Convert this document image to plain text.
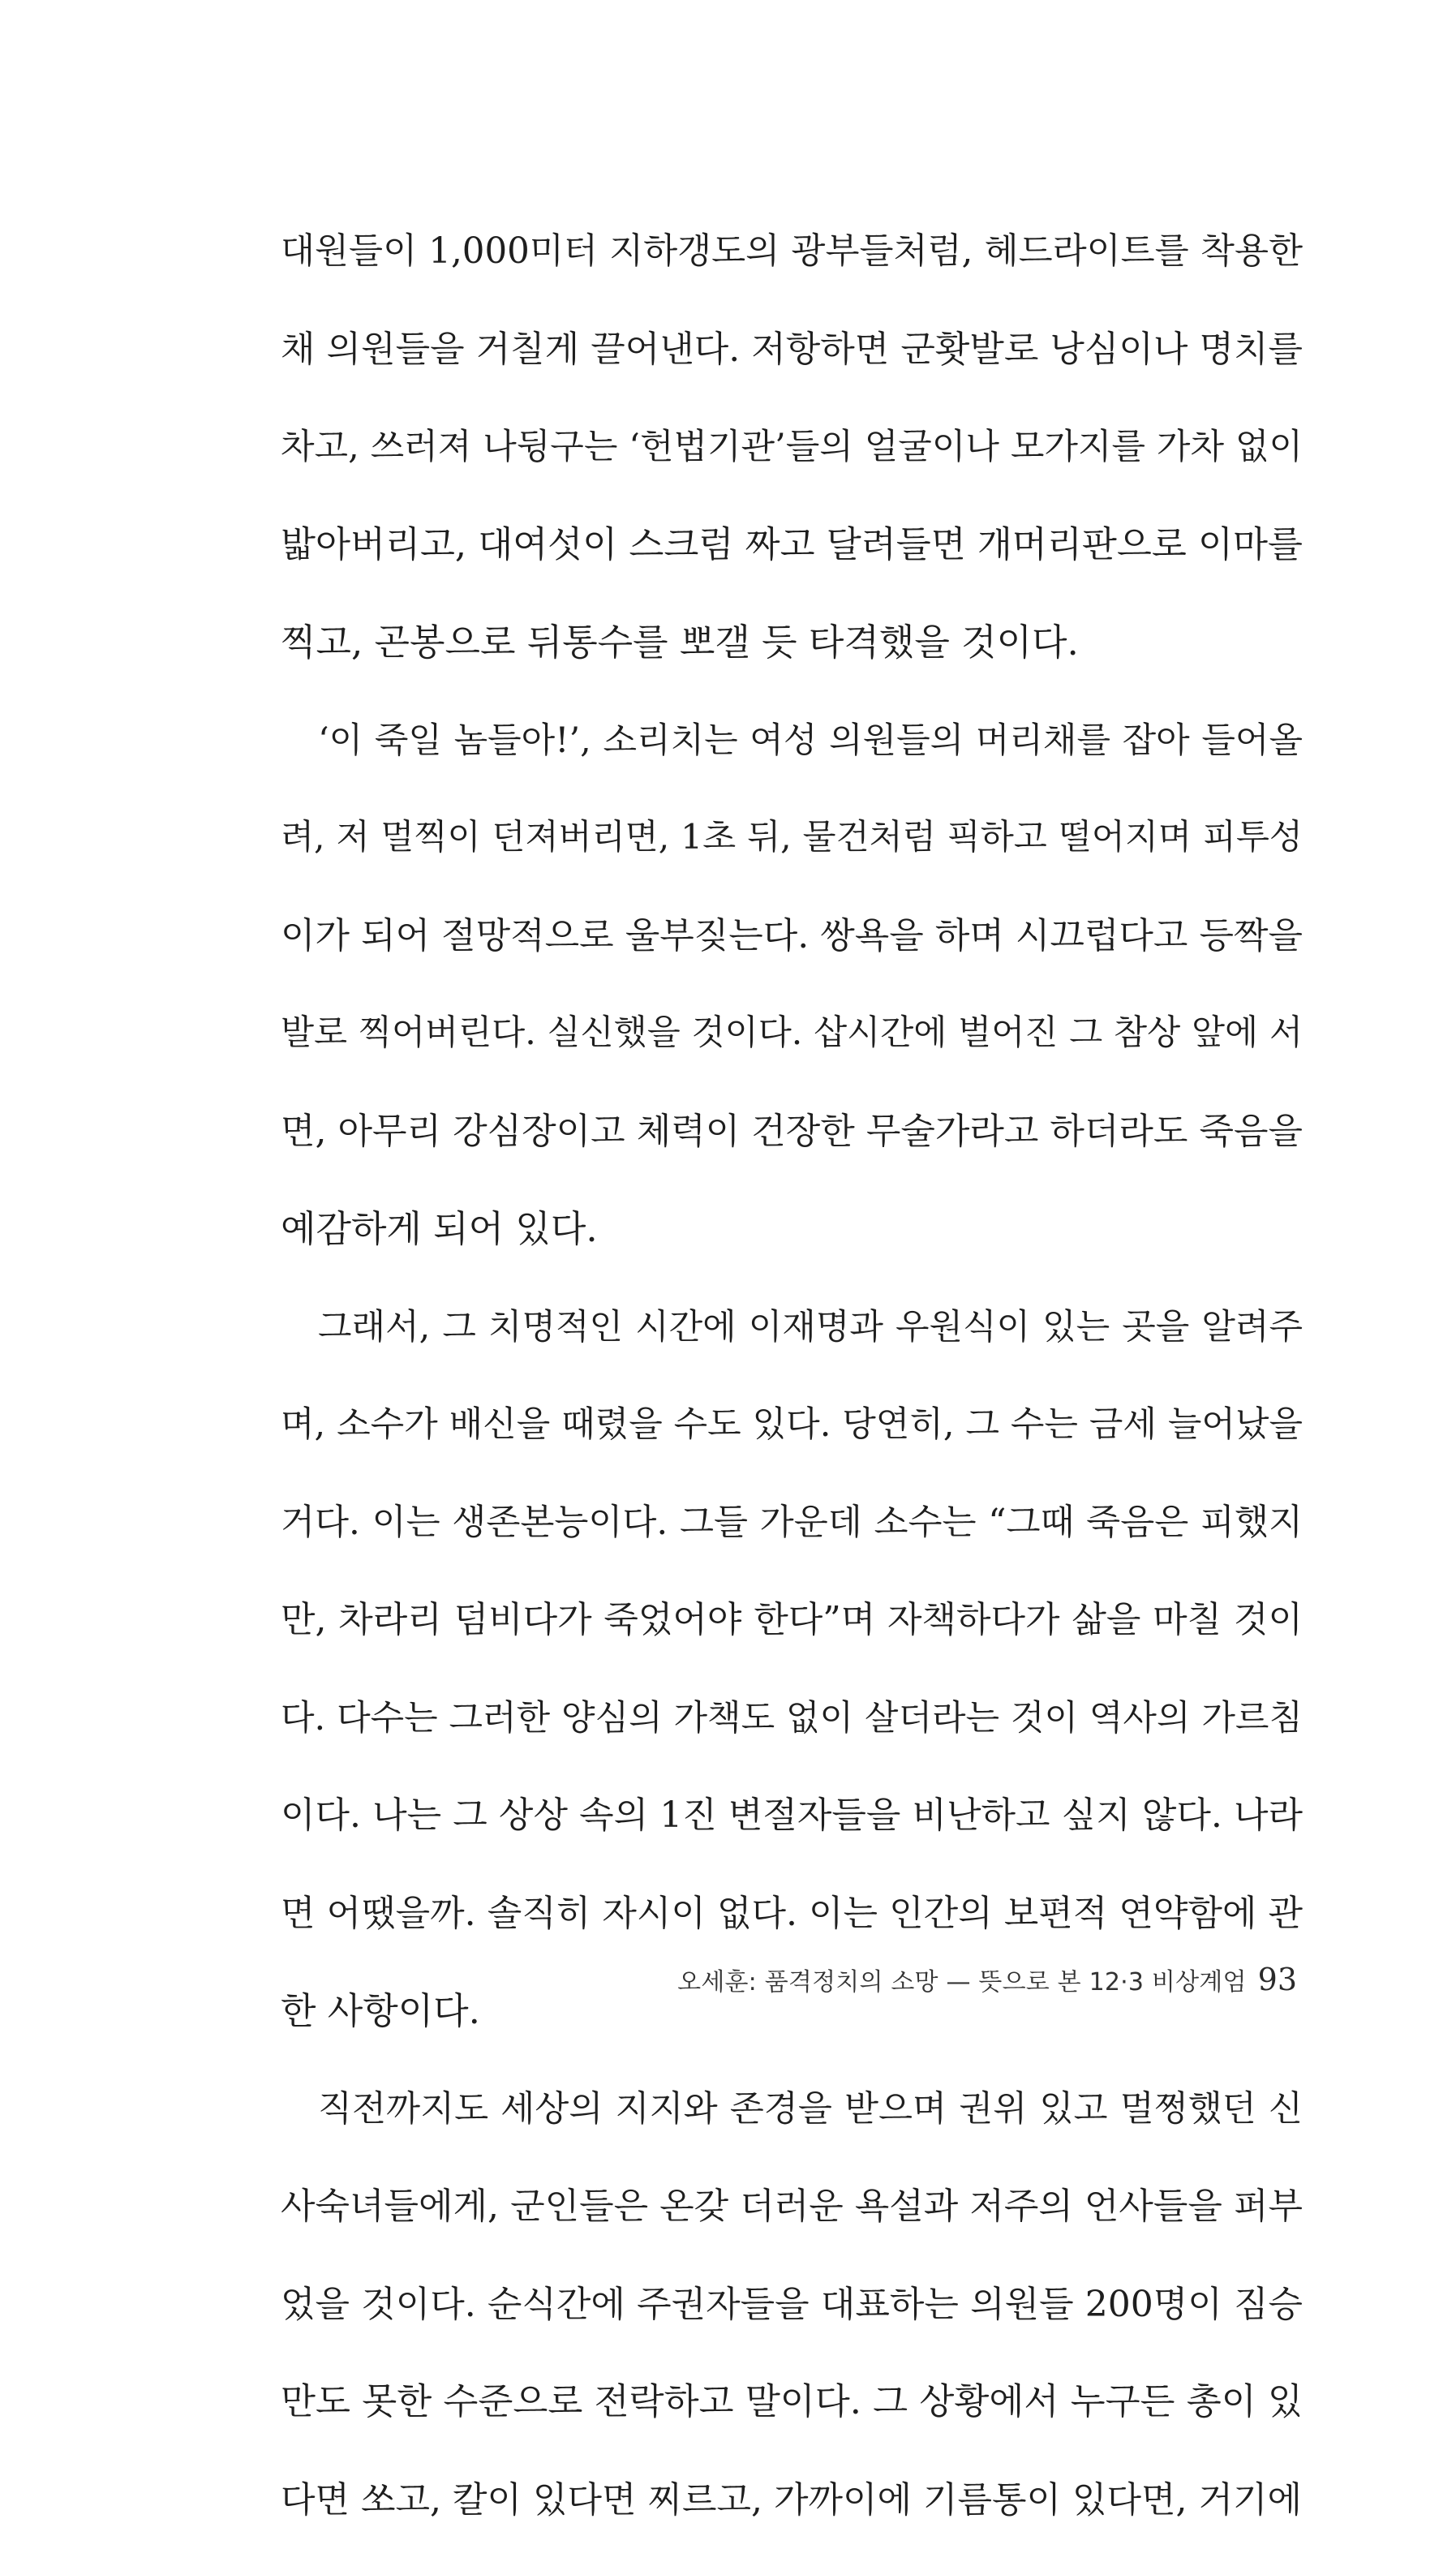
대원들이 1,000미터 지하갱도의 광부들처럼, 헤드라이트를 착용한
채 의원들을 거칠게 끌어낸다. 저항하면 군홧발로 낭심이나 명치를
차고, 쓰러져 나뒹구는 ‘헌법기관’들의 얼굴이나 모가지를 가차 없이
밟아버리고, 대여섯이 스크럼 짜고 달려들면 개머리판으로 이마를
찍고, 곤봉으로 뒤통수를 뽀갤 듯 타격했을 것이다.
‘이 죽일 놈들아!’, 소리치는 여성 의원들의 머리채를 잡아 들어올
려, 저 멀찍이 던져버리면, 1초 뒤, 물건처럼 픽하고 떨어지며 피투성
이가 되어 절망적으로 울부짖는다. 쌍욕을 하며 시끄럽다고 등짝을
발로 찍어버린다. 실신했을 것이다. 삽시간에 벌어진 그 참상 앞에 서
면, 아무리 강심장이고 체력이 건장한 무술가라고 하더라도 죽음을
예감하게 되어 있다.
그래서, 그 치명적인 시간에 이재명과 우원식이 있는 곳을 알려주
며, 소수가 배신을 때렸을 수도 있다. 당연히, 그 수는 금세 늘어났을
거다. 이는 생존본능이다. 그들 가운데 소수는 “그때 죽음은 피했지
만, 차라리 덤비다가 죽었어야 한다”며 자책하다가 삶을 마칠 것이
다. 다수는 그러한 양심의 가책도 없이 살더라는 것이 역사의 가르침
이다. 나는 그 상상 속의 1진 변절자들을 비난하고 싶지 않다. 나라
면 어땠을까. 솔직히 자시이 없다. 이는 인간의 보편적 연약함에 관
한 사항이다.
직전까지도 세상의 지지와 존경을 받으며 권위 있고 멀쩡했던 신
사숙녀들에게, 군인들은 온갖 더러운 욕설과 저주의 언사들을 퍼부
었을 것이다. 순식간에 주권자들을 대표하는 의원들 200명이 짐승
만도 못한 수준으로 전락하고 말이다. 그 상황에서 누구든 총이 있
다면 쏘고, 칼이 있다면 찌르고, 가까이에 기름통이 있다면, 거기에
오세훈: 품격정치의 소망 — 뜻으로 본 12·3 비상계엄 93
